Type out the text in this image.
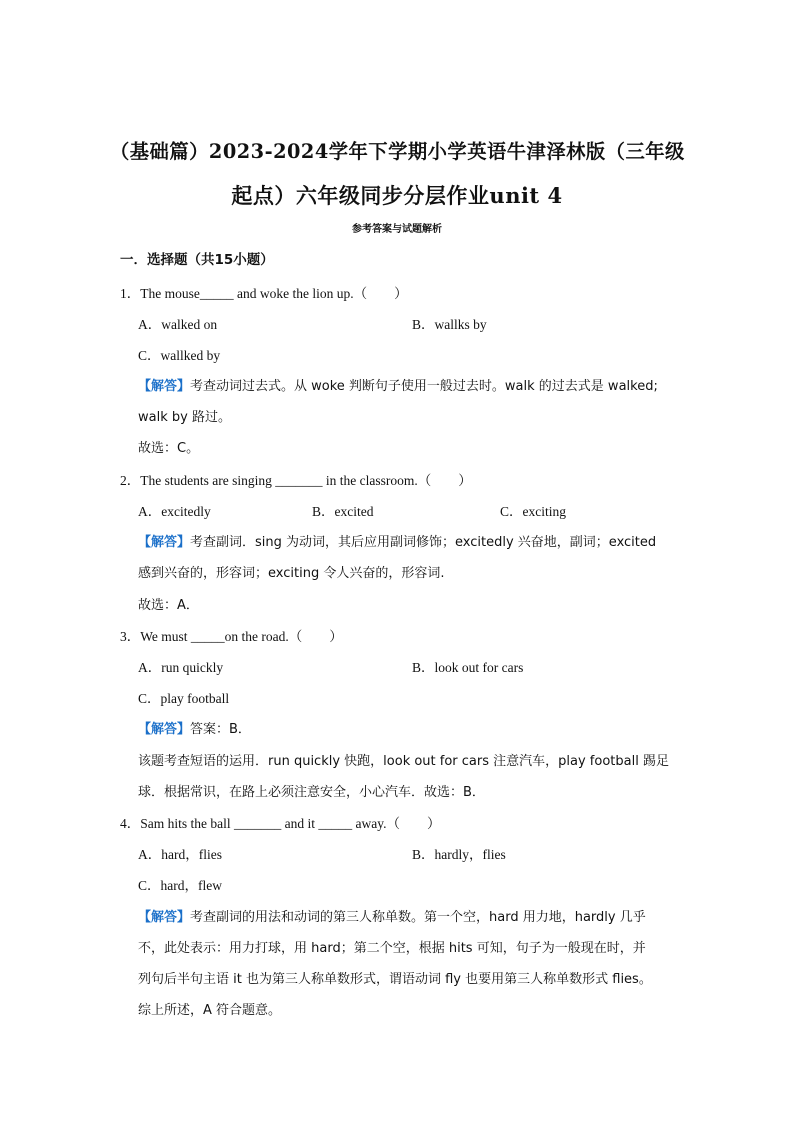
（基础篇）2023-2024学年下学期小学英语牛津泽林版（三年级
起点）六年级同步分层作业unit 4
参考答案与试题解析
一．选择题（共15小题）
1．The mouse_____ and woke the lion up.（　　）
A．walked on	B．wallks by
C．wallked by
【解答】考查动词过去式。从 woke 判断句子使用一般过去时。walk 的过去式是 walked;
walk by 路过。
故选：C。
2．The students are singing _______ in the classroom.（　　）
A．excitedly	B．excited	C．exciting
【解答】考查副词．sing 为动词，其后应用副词修饰；excitedly 兴奋地，副词；excited
感到兴奋的，形容词；exciting 令人兴奋的，形容词.
故选：A．
3．We must _____on the road.（　　）
A．run quickly	B．look out for cars
C．play football
【解答】答案：B．
该题考查短语的运用．run quickly 快跑，look out for cars 注意汽车，play football 踢足
球．根据常识，在路上必须注意安全，小心汽车．故选：B．
4．Sam hits the ball _______ and it _____ away.（　　）
A．hard，flies	B．hardly，flies
C．hard，flew
【解答】考查副词的用法和动词的第三人称单数。第一个空，hard 用力地，hardly 几乎
不，此处表示：用力打球，用 hard；第二个空，根据 hits 可知，句子为一般现在时，并
列句后半句主语 it 也为第三人称单数形式，谓语动词 fly 也要用第三人称单数形式 flies。
综上所述，A 符合题意。
